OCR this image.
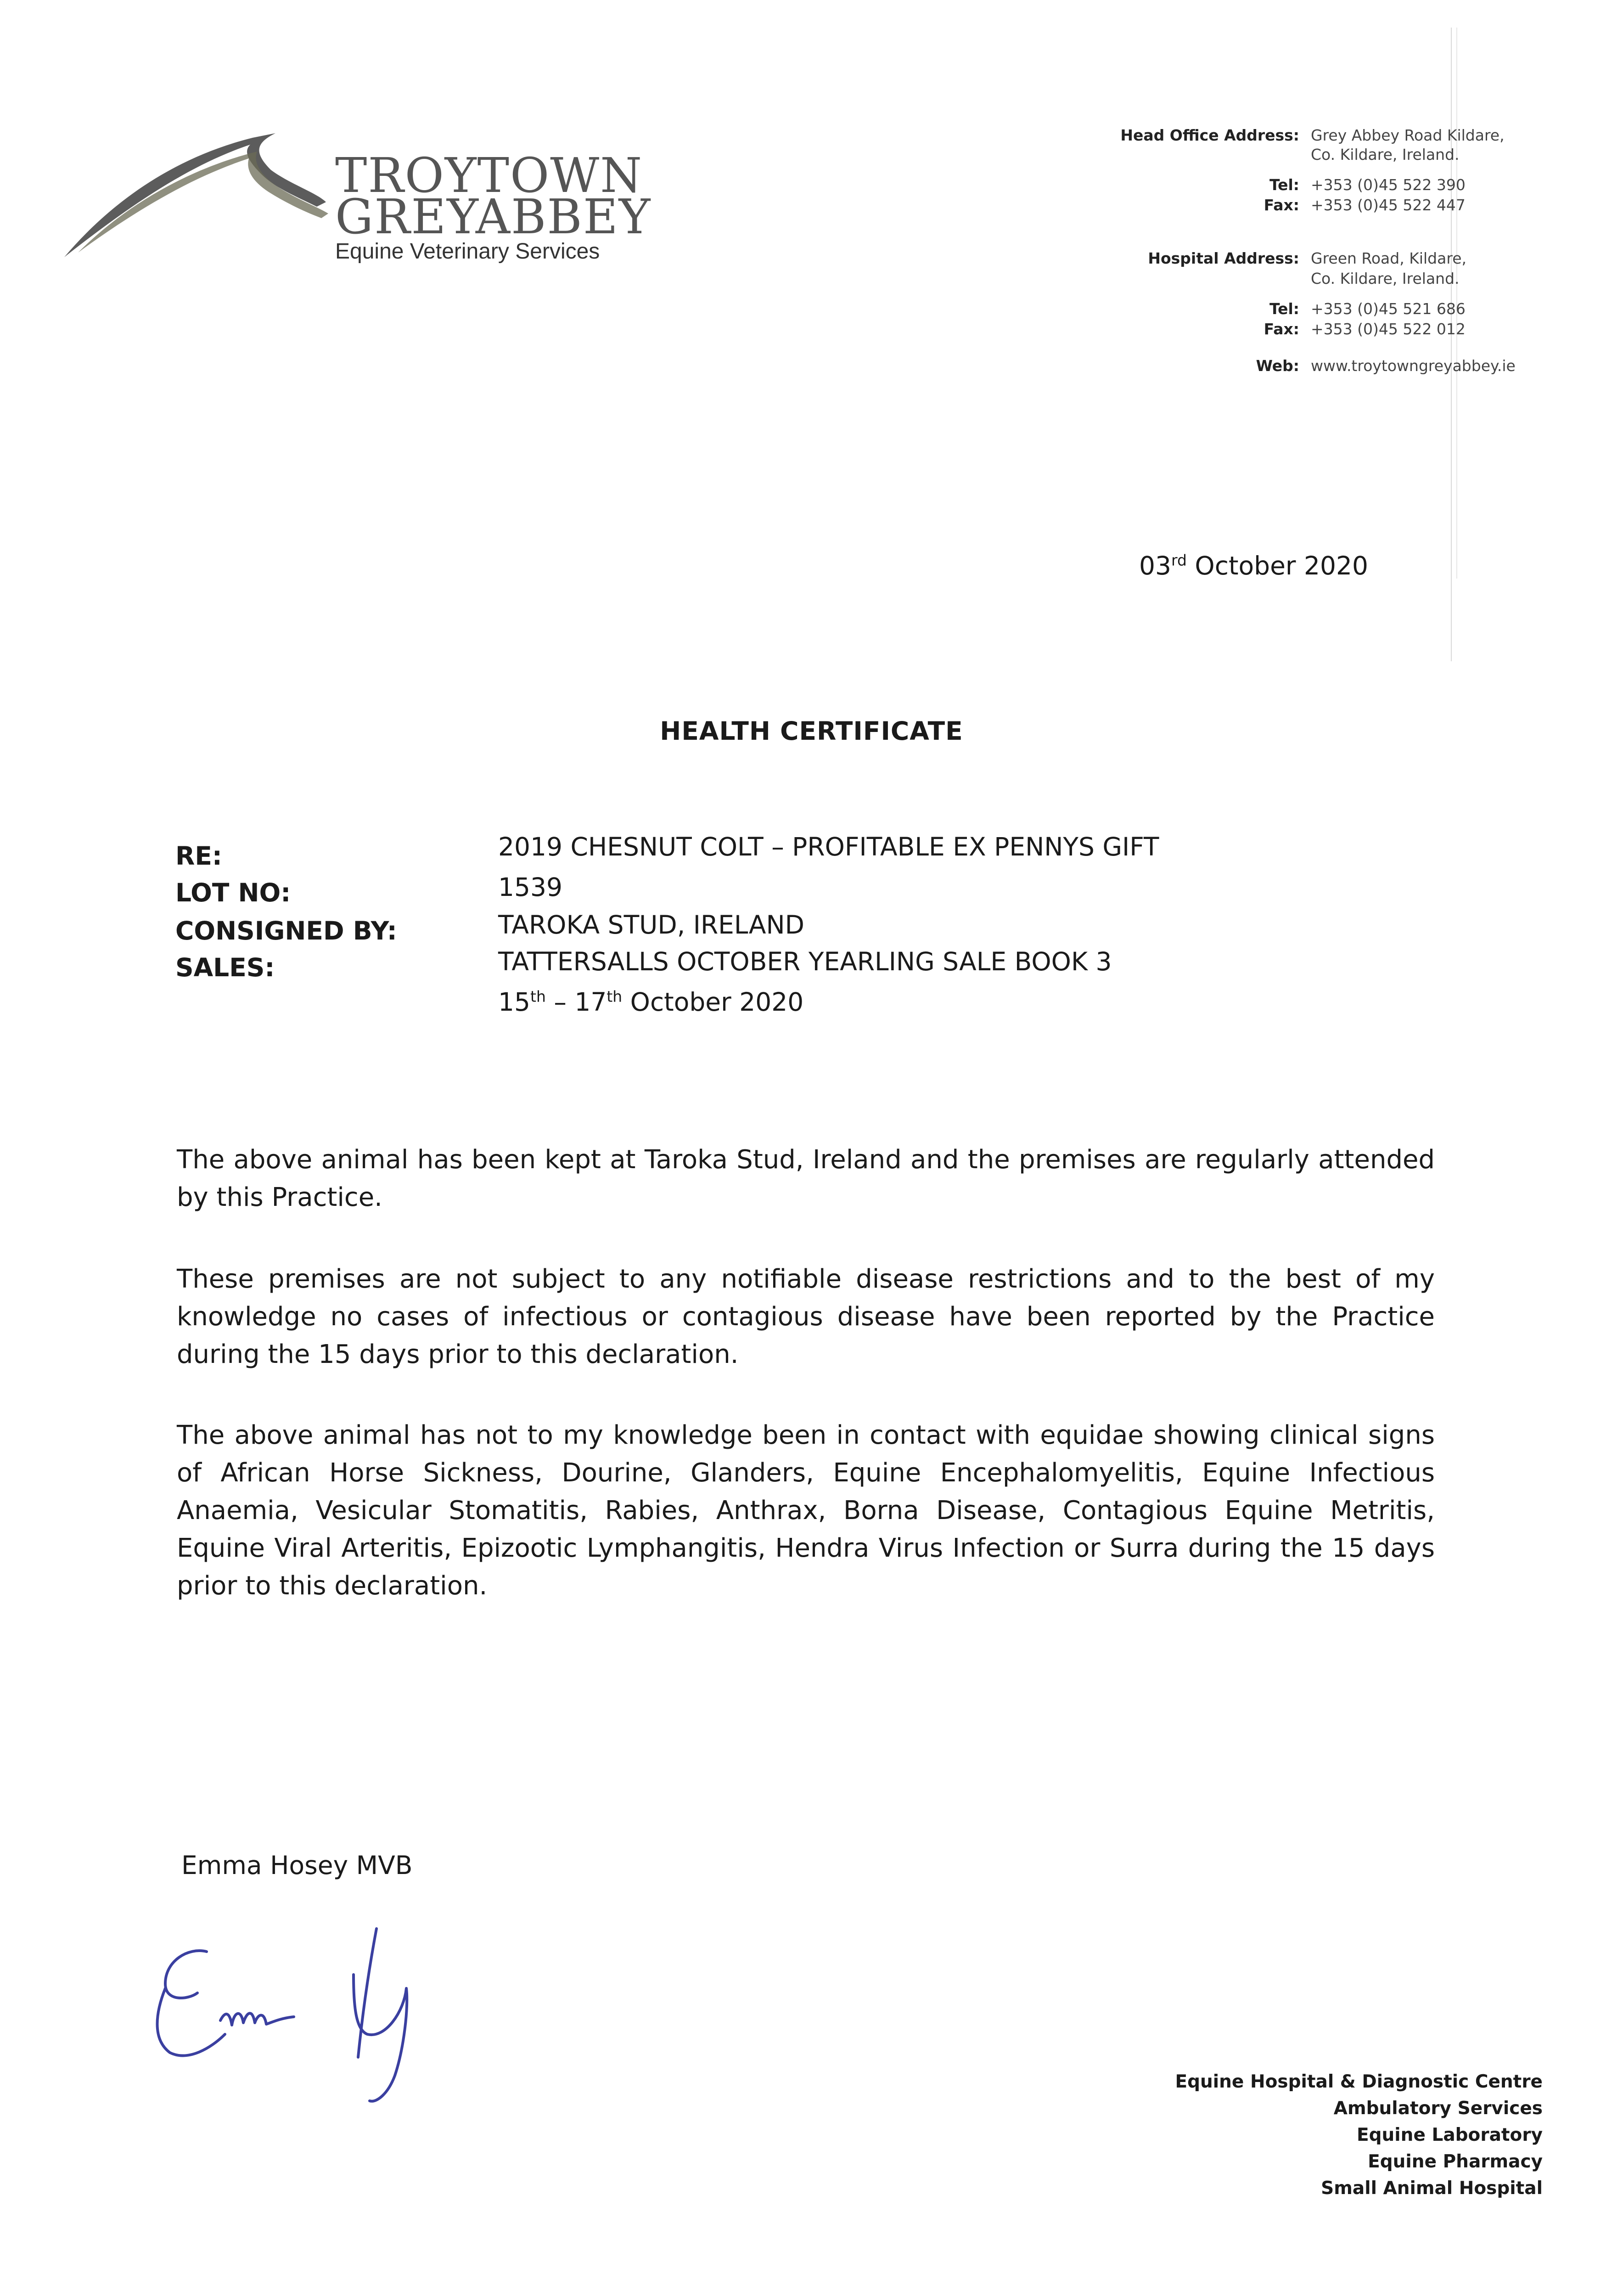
TROYTOWN
GREYABBEY
Equine Veterinary Services
Head Office Address: Grey Abbey Road Kildare,
Co. Kildare, Ireland.
Tel: +353 (0)45 522 390
Fax: +353 (0)45 522 447
Hospital Address: Green Road, Kildare,
Co. Kildare, Ireland.
Tel: +353 (0)45 521 686
Fax: +353 (0)45 522 012
Web: www.troytowngreyabbey.ie
03rd October 2020
HEALTH CERTIFICATE
RE:	2019 CHESNUT COLT – PROFITABLE EX PENNYS GIFT
LOT NO:	1539
CONSIGNED BY:	TAROKA STUD, IRELAND
SALES:	TATTERSALLS OCTOBER YEARLING SALE BOOK 3
15th – 17th October 2020

The above animal has been kept at Taroka Stud, Ireland and the premises are regularly attended by this Practice.

These premises are not subject to any notifiable disease restrictions and to the best of my knowledge no cases of infectious or contagious disease have been reported by the Practice during the 15 days prior to this declaration.

The above animal has not to my knowledge been in contact with equidae showing clinical signs of African Horse Sickness, Dourine, Glanders, Equine Encephalomyelitis, Equine Infectious Anaemia, Vesicular Stomatitis, Rabies, Anthrax, Borna Disease, Contagious Equine Metritis, Equine Viral Arteritis, Epizootic Lymphangitis, Hendra Virus Infection or Surra during the 15 days prior to this declaration.

Emma Hosey MVB
Equine Hospital & Diagnostic Centre
Ambulatory Services
Equine Laboratory
Equine Pharmacy
Small Animal Hospital
